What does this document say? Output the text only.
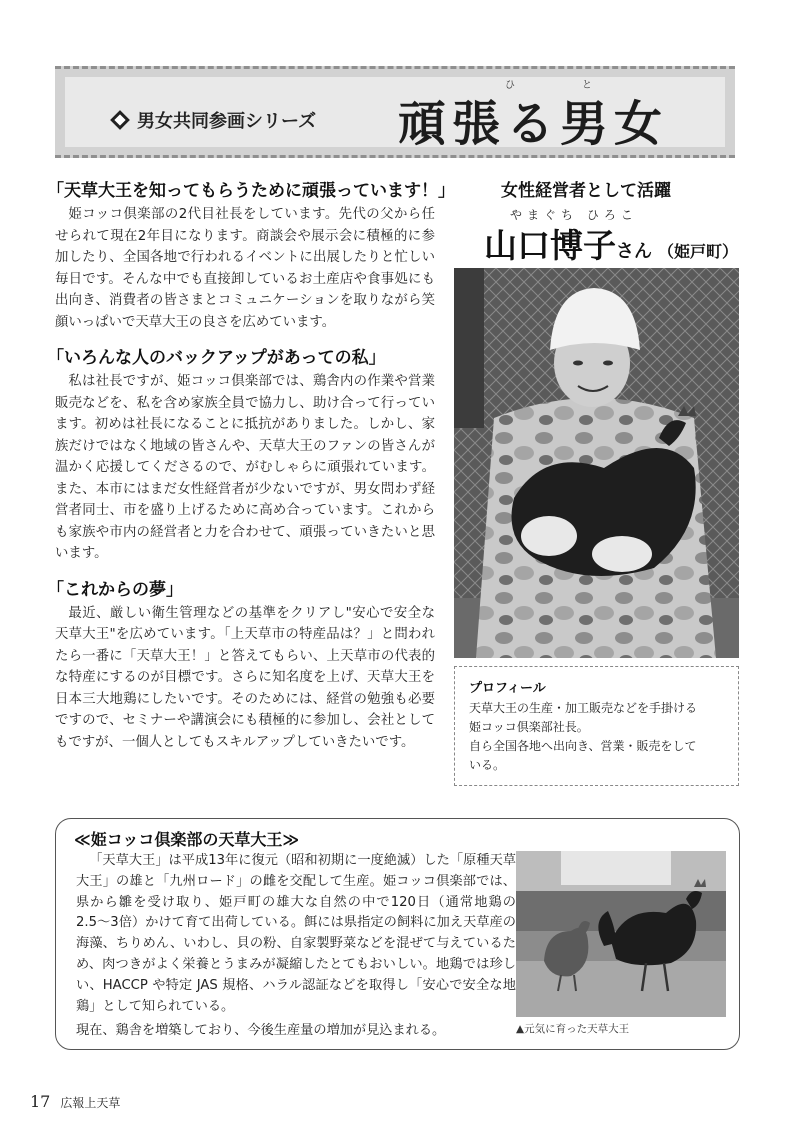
男女共同参画シリーズ 頑張る男女
ひ	と

「天草大王を知ってもらうために頑張っています！」

姫コッコ倶楽部の2代目社長をしています。先代の父から任せられて現在2年目になります。商談会や展示会に積極的に参加したり、全国各地で行われるイベントに出展したりと忙しい毎日です。そんな中でも直接卸しているお土産店や食事処にも出向き、消費者の皆さまとコミュニケーションを取りながら笑顔いっぱいで天草大王の良さを広めています。

「いろんな人のバックアップがあっての私」

私は社長ですが、姫コッコ倶楽部では、鶏舎内の作業や営業販売などを、私を含め家族全員で協力し、助け合って行っています。初めは社長になることに抵抗がありました。しかし、家族だけではなく地域の皆さんや、天草大王のファンの皆さんが温かく応援してくださるので、がむしゃらに頑張れています。また、本市にはまだ女性経営者が少ないですが、男女問わず経営者同士、市を盛り上げるために高め合っています。これからも家族や市内の経営者と力を合わせて、頑張っていきたいと思います。

「これからの夢」

最近、厳しい衛生管理などの基準をクリアし"安心で安全な天草大王"を広めています。「上天草市の特産品は？」と問われたら一番に「天草大王！」と答えてもらい、上天草市の代表的な特産にするのが目標です。さらに知名度を上げ、天草大王を日本三大地鶏にしたいです。そのためには、経営の勉強も必要ですので、セミナーや講演会にも積極的に参加し、会社としてもですが、一個人としてもスキルアップしていきたいです。

女性経営者として活躍
やまぐち ひろこ
山口博子さん （姫戸町）
プロフィール
天草大王の生産・加工販売などを手掛ける
姫コッコ倶楽部社長。
自ら全国各地へ出向き、営業・販売をして
いる。
≪姫コッコ倶楽部の天草大王≫

「天草大王」は平成13年に復元（昭和初期に一度絶滅）した「原種天草大王」の雄と「九州ロード」の雌を交配して生産。姫コッコ倶楽部では、県から雛を受け取り、姫戸町の雄大な自然の中で120日（通常地鶏の2.5〜3倍）かけて育て出荷している。餌には県指定の飼料に加え天草産の海藻、ちりめん、いわし、貝の粉、自家製野菜などを混ぜて与えているため、肉つきがよく栄養とうまみが凝縮したとてもおいしい。地鶏では珍しい、HACCP や特定 JAS 規格、ハラル認証などを取得し「安心で安全な地鶏」として知られている。

現在、鶏舎を増築しており、今後生産量の増加が見込まれる。	▲元気に育った天草大王
17 広報上天草
